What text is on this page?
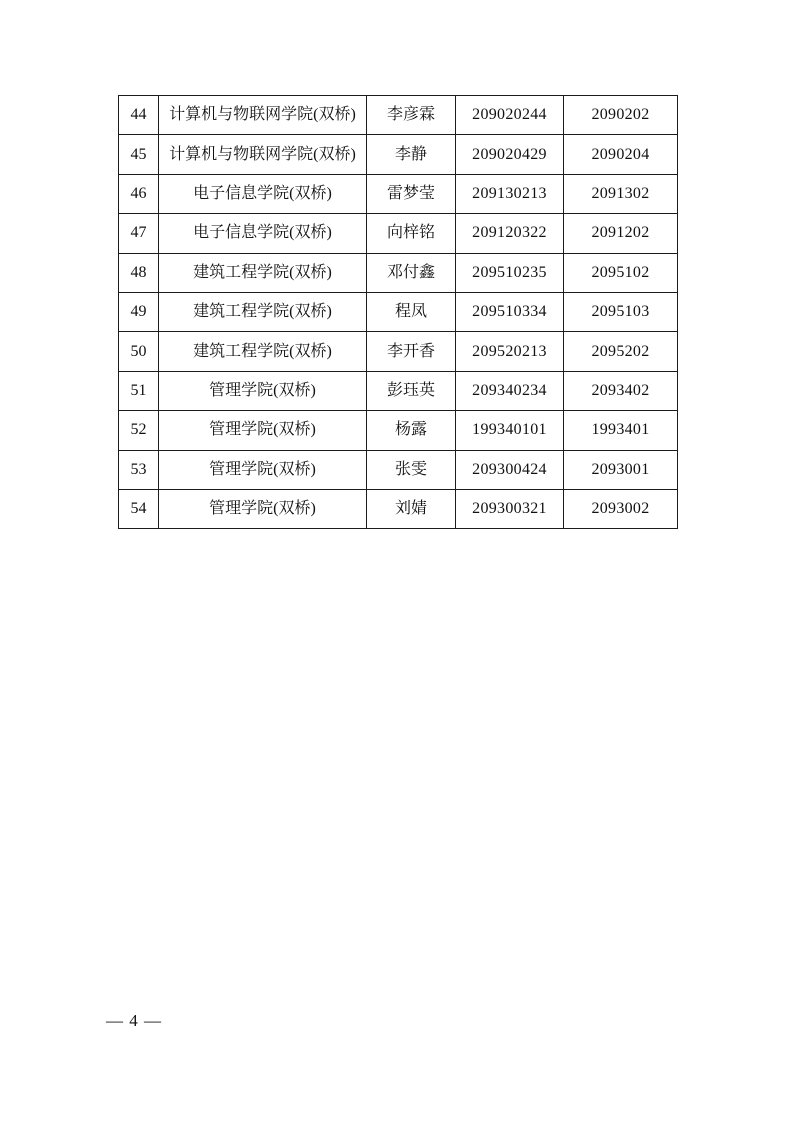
44	计算机与物联网学院(双桥)	李彦霖	209020244	2090202
45	计算机与物联网学院(双桥)	李静	209020429	2090204
46	电子信息学院(双桥)	雷梦莹	209130213	2091302
47	电子信息学院(双桥)	向梓铭	209120322	2091202
48	建筑工程学院(双桥)	邓付鑫	209510235	2095102
49	建筑工程学院(双桥)	程凤	209510334	2095103
50	建筑工程学院(双桥)	李开香	209520213	2095202
51	管理学院(双桥)	彭珏英	209340234	2093402
52	管理学院(双桥)	杨露	199340101	1993401
53	管理学院(双桥)	张雯	209300424	2093001
54	管理学院(双桥)	刘婧	209300321	2093002
— 4 —
